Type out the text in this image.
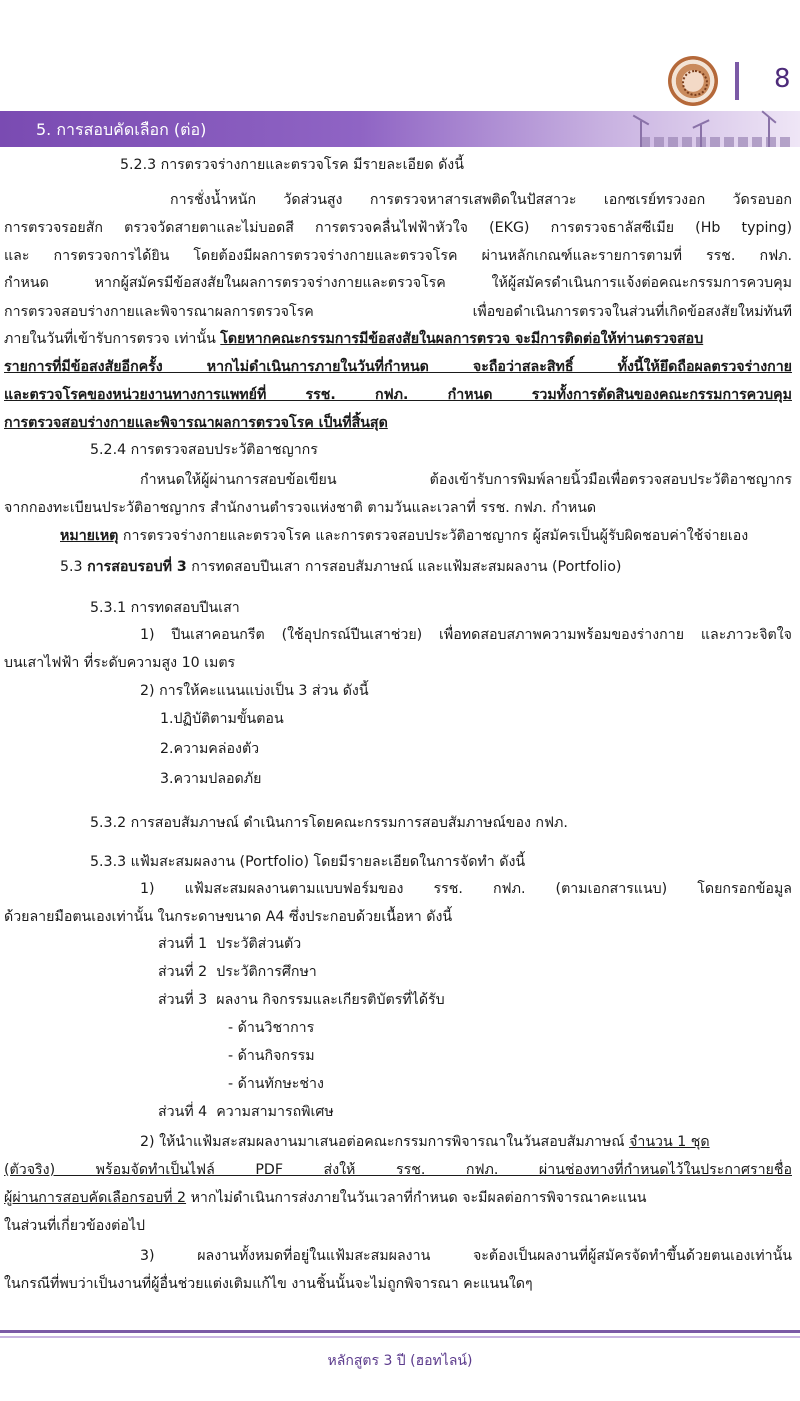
8
5. การสอบคัดเลือก (ต่อ)
5.2.3 การตรวจร่างกายและตรวจโรค มีรายละเอียด ดังนี้
การชั่งน้ำหนัก วัดส่วนสูง การตรวจหาสารเสพติดในปัสสาวะ เอกซเรย์ทรวงอก วัดรอบอก
การตรวจรอยสัก ตรวจวัดสายตาและไม่บอดสี การตรวจคลื่นไฟฟ้าหัวใจ (EKG) การตรวจธาลัสซีเมีย (Hb typing)
และ การตรวจการได้ยิน โดยต้องมีผลการตรวจร่างกายและตรวจโรค ผ่านหลักเกณฑ์และรายการตามที่ รรช. กฟภ.
กำหนด หากผู้สมัครมีข้อสงสัยในผลการตรวจร่างกายและตรวจโรค ให้ผู้สมัครดำเนินการแจ้งต่อคณะกรรมการควบคุม
การตรวจสอบร่างกายและพิจารณาผลการตรวจโรค เพื่อขอดำเนินการตรวจในส่วนที่เกิดข้อสงสัยใหม่ทันที
ภายในวันที่เข้ารับการตรวจ เท่านั้น โดยหากคณะกรรมการมีข้อสงสัยในผลการตรวจ จะมีการติดต่อให้ท่านตรวจสอบ
รายการที่มีข้อสงสัยอีกครั้ง หากไม่ดำเนินการภายในวันที่กำหนด จะถือว่าสละสิทธิ์ ทั้งนี้ให้ยึดถือผลตรวจร่างกาย
และตรวจโรคของหน่วยงานทางการแพทย์ที่ รรช. กฟภ. กำหนด รวมทั้งการตัดสินของคณะกรรมการควบคุม
การตรวจสอบร่างกายและพิจารณาผลการตรวจโรค เป็นที่สิ้นสุด
5.2.4 การตรวจสอบประวัติอาชญากร
กำหนดให้ผู้ผ่านการสอบข้อเขียน ต้องเข้ารับการพิมพ์ลายนิ้วมือเพื่อตรวจสอบประวัติอาชญากร
จากกองทะเบียนประวัติอาชญากร สำนักงานตำรวจแห่งชาติ ตามวันและเวลาที่ รรช. กฟภ. กำหนด
หมายเหตุ การตรวจร่างกายและตรวจโรค และการตรวจสอบประวัติอาชญากร ผู้สมัครเป็นผู้รับผิดชอบค่าใช้จ่ายเอง
5.3 การสอบรอบที่ 3 การทดสอบปีนเสา การสอบสัมภาษณ์ และแฟ้มสะสมผลงาน (Portfolio)
5.3.1 การทดสอบปีนเสา
1) ปีนเสาคอนกรีต (ใช้อุปกรณ์ปีนเสาช่วย) เพื่อทดสอบสภาพความพร้อมของร่างกาย และภาวะจิตใจ
บนเสาไฟฟ้า ที่ระดับความสูง 10 เมตร
2) การให้คะแนนแบ่งเป็น 3 ส่วน ดังนี้
1.ปฏิบัติตามขั้นตอน
2.ความคล่องตัว
3.ความปลอดภัย
5.3.2 การสอบสัมภาษณ์ ดำเนินการโดยคณะกรรมการสอบสัมภาษณ์ของ กฟภ.
5.3.3 แฟ้มสะสมผลงาน (Portfolio) โดยมีรายละเอียดในการจัดทำ ดังนี้
1) แฟ้มสะสมผลงานตามแบบฟอร์มของ รรช. กฟภ. (ตามเอกสารแนบ) โดยกรอกข้อมูล
ด้วยลายมือตนเองเท่านั้น ในกระดาษขนาด A4 ซึ่งประกอบด้วยเนื้อหา ดังนี้
ส่วนที่ 1 ประวัติส่วนตัว
ส่วนที่ 2 ประวัติการศึกษา
ส่วนที่ 3 ผลงาน กิจกรรมและเกียรติบัตรที่ได้รับ
- ด้านวิชาการ
- ด้านกิจกรรม
- ด้านทักษะช่าง
ส่วนที่ 4 ความสามารถพิเศษ
2) ให้นำแฟ้มสะสมผลงานมาเสนอต่อคณะกรรมการพิจารณาในวันสอบสัมภาษณ์ จำนวน 1 ชุด
(ตัวจริง) พร้อมจัดทำเป็นไฟล์ PDF ส่งให้ รรช. กฟภ. ผ่านช่องทางที่กำหนดไว้ในประกาศรายชื่อ
ผู้ผ่านการสอบคัดเลือกรอบที่ 2 หากไม่ดำเนินการส่งภายในวันเวลาที่กำหนด จะมีผลต่อการพิจารณาคะแนน
ในส่วนที่เกี่ยวข้องต่อไป
3) ผลงานทั้งหมดที่อยู่ในแฟ้มสะสมผลงาน จะต้องเป็นผลงานที่ผู้สมัครจัดทำขึ้นด้วยตนเองเท่านั้น
ในกรณีที่พบว่าเป็นงานที่ผู้อื่นช่วยแต่งเติมแก้ไข งานชิ้นนั้นจะไม่ถูกพิจารณา คะแนนใดๆ
หลักสูตร 3 ปี (ฮอทไลน์)
